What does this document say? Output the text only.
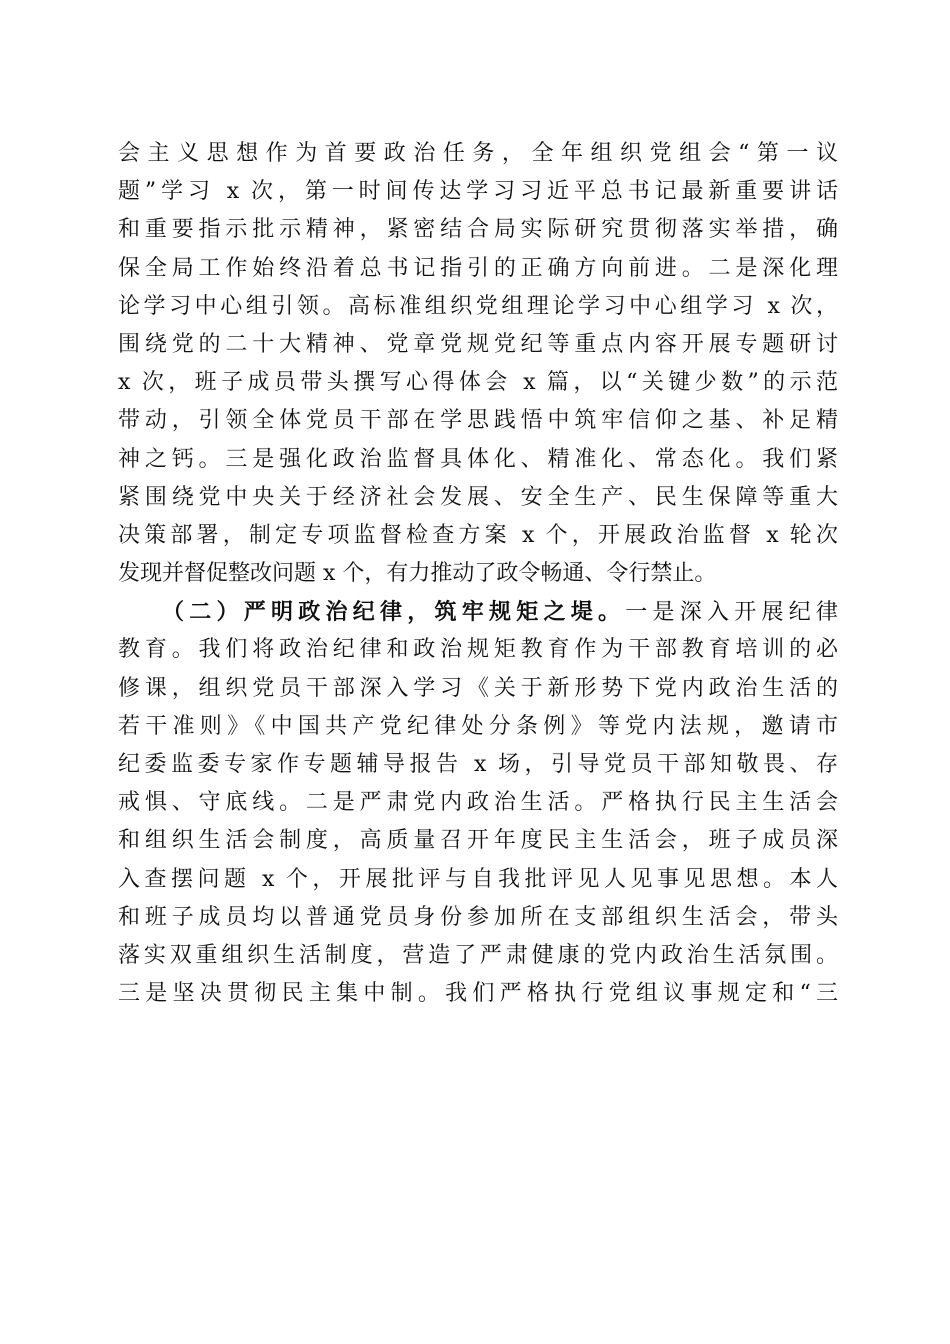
会主义思想作为首要政治任务，全年组织党组会“第一议
题”学习 x 次，第一时间传达学习习近平总书记最新重要讲话
和重要指示批示精神，紧密结合局实际研究贯彻落实举措，确
保全局工作始终沿着总书记指引的正确方向前进。二是深化理
论学习中心组引领。高标准组织党组理论学习中心组学习 x 次，
围绕党的二十大精神、党章党规党纪等重点内容开展专题研讨
x 次，班子成员带头撰写心得体会 x 篇，以“关键少数”的示范
带动，引领全体党员干部在学思践悟中筑牢信仰之基、补足精
神之钙。三是强化政治监督具体化、精准化、常态化。我们紧
紧围绕党中央关于经济社会发展、安全生产、民生保障等重大
决策部署，制定专项监督检查方案 x 个，开展政治监督 x 轮次
发现并督促整改问题 x 个，有力推动了政令畅通、令行禁止。
（二）严明政治纪律，筑牢规矩之堤。一是深入开展纪律
教育。我们将政治纪律和政治规矩教育作为干部教育培训的必
修课，组织党员干部深入学习《关于新形势下党内政治生活的
若干准则》《中国共产党纪律处分条例》等党内法规，邀请市
纪委监委专家作专题辅导报告 x 场，引导党员干部知敬畏、存
戒惧、守底线。二是严肃党内政治生活。严格执行民主生活会
和组织生活会制度，高质量召开年度民主生活会，班子成员深
入查摆问题 x 个，开展批评与自我批评见人见事见思想。本人
和班子成员均以普通党员身份参加所在支部组织生活会，带头
落实双重组织生活制度，营造了严肃健康的党内政治生活氛围。
三是坚决贯彻民主集中制。我们严格执行党组议事规定和“三
